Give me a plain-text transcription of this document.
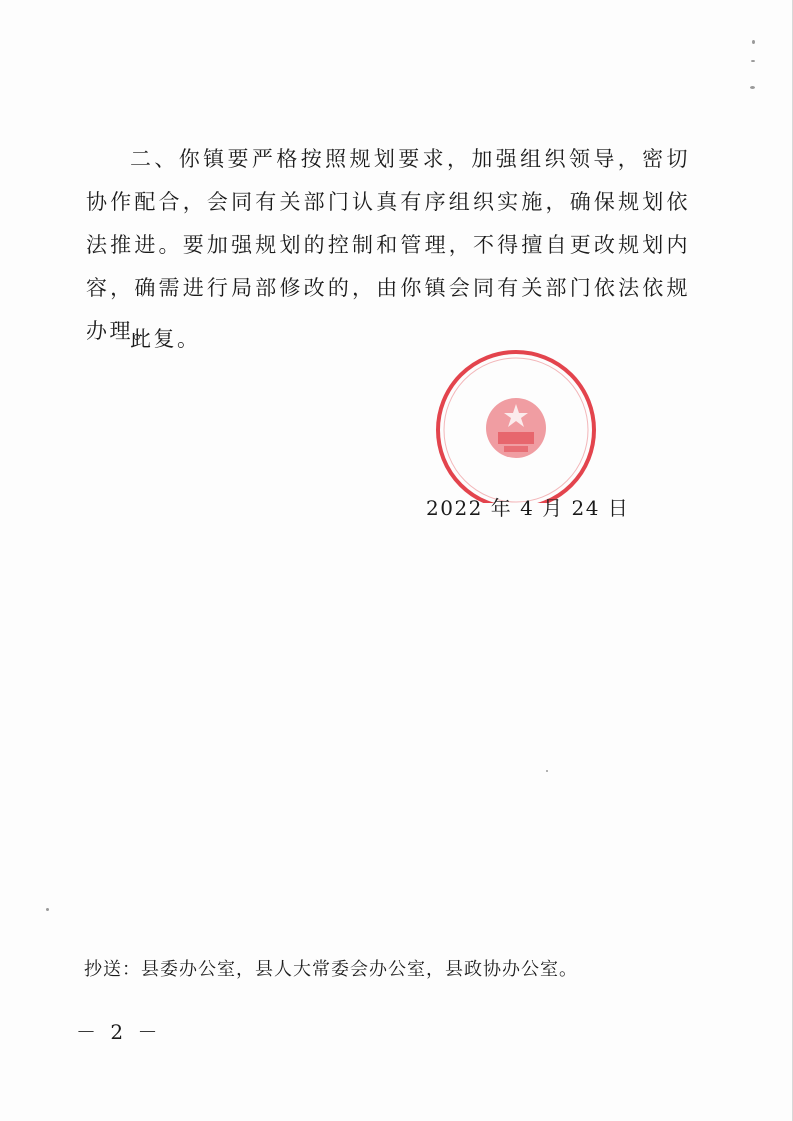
二、你镇要严格按照规划要求，加强组织领导，密切协作配合，会同有关部门认真有序组织实施，确保规划依法推进。要加强规划的控制和管理，不得擅自更改规划内容，确需进行局部修改的，由你镇会同有关部门依法依规办理。

此复。

2022 年 4 月 24 日
抄送：县委办公室，县人大常委会办公室，县政协办公室。
－ 2 －
